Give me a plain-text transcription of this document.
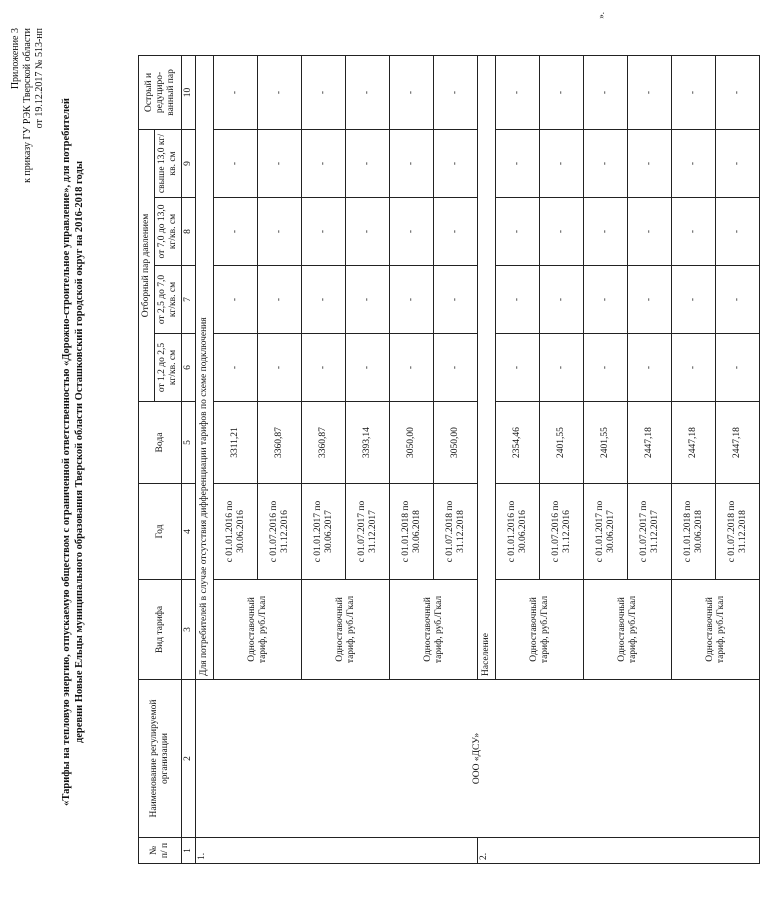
Приложение 3 к приказу ГУ РЭК Тверской области от 19.12.2017 № 513-нп
«Тарифы на тепловую энергию, отпускаемую обществом с ограниченной ответственностью «Дорожно-строительное управление», для потребителей деревни Новые Ельцы муниципального образования Тверской области Осташковский городской округ на 2016-2018 годы
№ п/ п	Наименование регулируемой организации	Вид тарифа	Год	Вода	Отборный пар давлением				Острый и редуциро-ванный пар
					от 1,2 до 2,5 кг/кв. см	от 2,5 до 7,0 кг/кв. см	от 7,0 до 13,0 кг/кв. см	свыше 13,0 кг/кв. см	
1	2	3	4	5	6	7	8	9	10
1.	ООО «ДСУ»	Для потребителей в случае отсутствия дифференциации тарифов по схеме подключения							
		Одноставочный тариф, руб./Гкал	с 01.01.2016 по 30.06.2016	3311,21	-	-	-	-	-
			с 01.07.2016 по 31.12.2016	3360,87	-	-	-	-	-
		Одноставочный тариф, руб./Гкал	с 01.01.2017 по 30.06.2017	3360,87	-	-	-	-	-
			с 01.07.2017 по 31.12.2017	3393,14	-	-	-	-	-
		Одноставочный тариф, руб./Гкал	с 01.01.2018 по 30.06.2018	3050,00	-	-	-	-	-
			с 01.07.2018 по 31.12.2018	3050,00	-	-	-	-	-
2.		Население							
		Одноставочный тариф, руб./Гкал	с 01.01.2016 по 30.06.2016	2354,46	-	-	-	-	-
			с 01.07.2016 по 31.12.2016	2401,55	-	-	-	-	-
		Одноставочный тариф, руб./Гкал	с 01.01.2017 по 30.06.2017	2401,55	-	-	-	-	-
			с 01.07.2017 по 31.12.2017	2447,18	-	-	-	-	-
		Одноставочный тариф, руб./Гкал	с 01.01.2018 по 30.06.2018	2447,18	-	-	-	-	-
			с 01.07.2018 по 31.12.2018	2447,18	-	-	-	-	-
».
